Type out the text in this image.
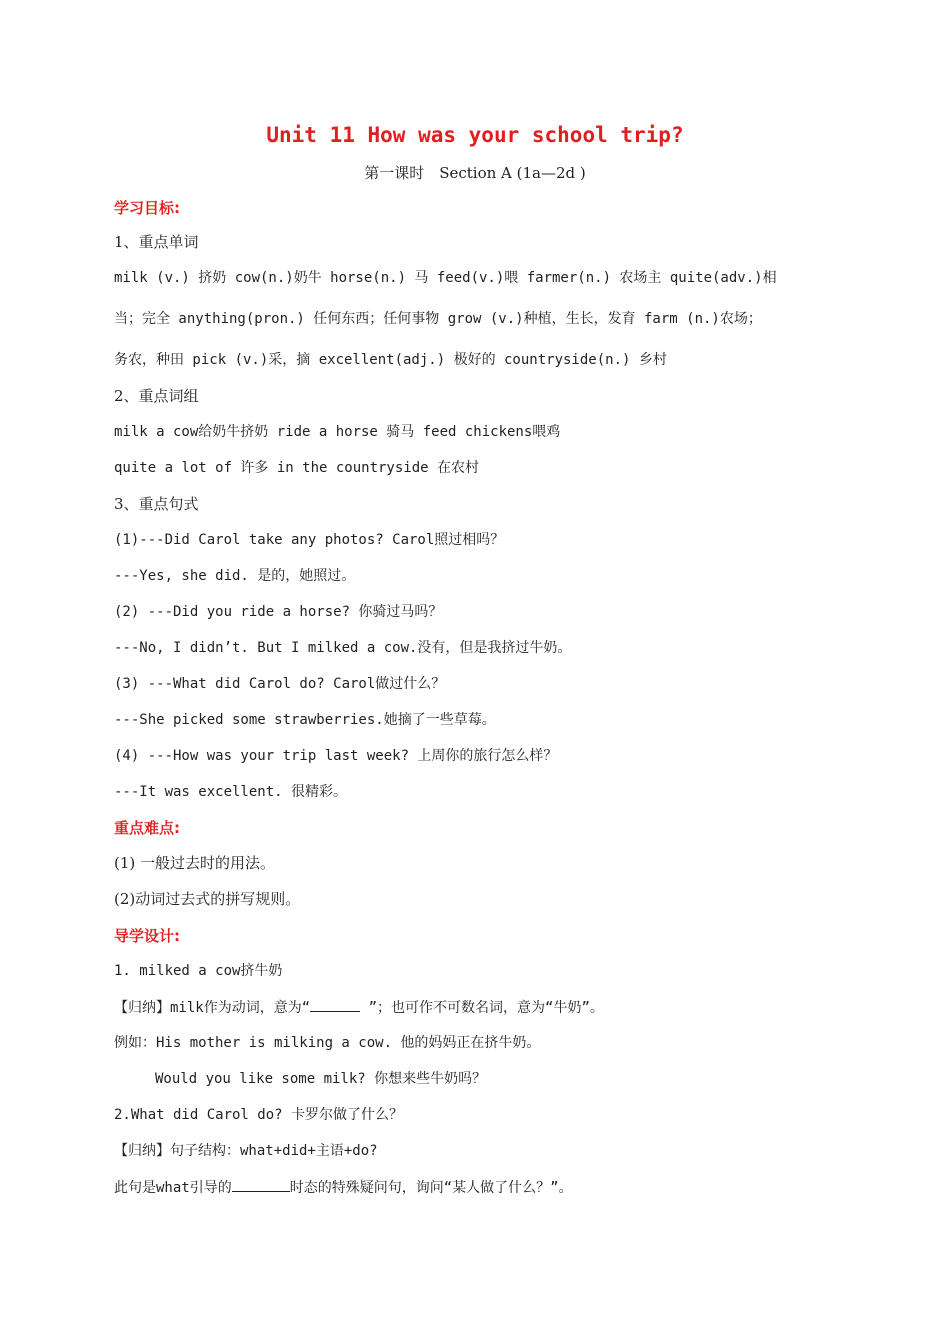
Unit 11 How was your school trip?
第一课时　Section A (1a—2d )
学习目标:
1、重点单词
milk (v.) 挤奶 cow(n.)奶牛 horse(n.) 马 feed(v.)喂 farmer(n.) 农场主 quite(adv.)相
当；完全 anything(pron.) 任何东西；任何事物 grow (v.)种植，生长，发育 farm (n.)农场；
务农，种田 pick (v.)采，摘 excellent(adj.) 极好的 countryside(n.) 乡村
2、重点词组
milk a cow给奶牛挤奶 ride a horse 骑马 feed chickens喂鸡
quite a lot of 许多 in the countryside 在农村
3、重点句式
(1)---Did Carol take any photos? Carol照过相吗？
---Yes, she did. 是的，她照过。
(2) ---Did you ride a horse? 你骑过马吗？
---No, I didn’t. But I milked a cow.没有，但是我挤过牛奶。
(3) ---What did Carol do? Carol做过什么？
---She picked some strawberries.她摘了一些草莓。
(4) ---How was your trip last week? 上周你的旅行怎么样？
---It was excellent. 很精彩。
重点难点:
(1) 一般过去时的用法。
(2)动词过去式的拼写规则。
导学设计:
1. milked a cow挤牛奶
【归纳】milk作为动词，意为“	”；也可作不可数名词，意为“牛奶”。
例如：His mother is milking a cow. 他的妈妈正在挤牛奶。
Would you like some milk? 你想来些牛奶吗？
2.What did Carol do? 卡罗尔做了什么？
【归纳】句子结构：what+did+主语+do?
此句是what引导的	时态的特殊疑问句，询问“某人做了什么？”。
